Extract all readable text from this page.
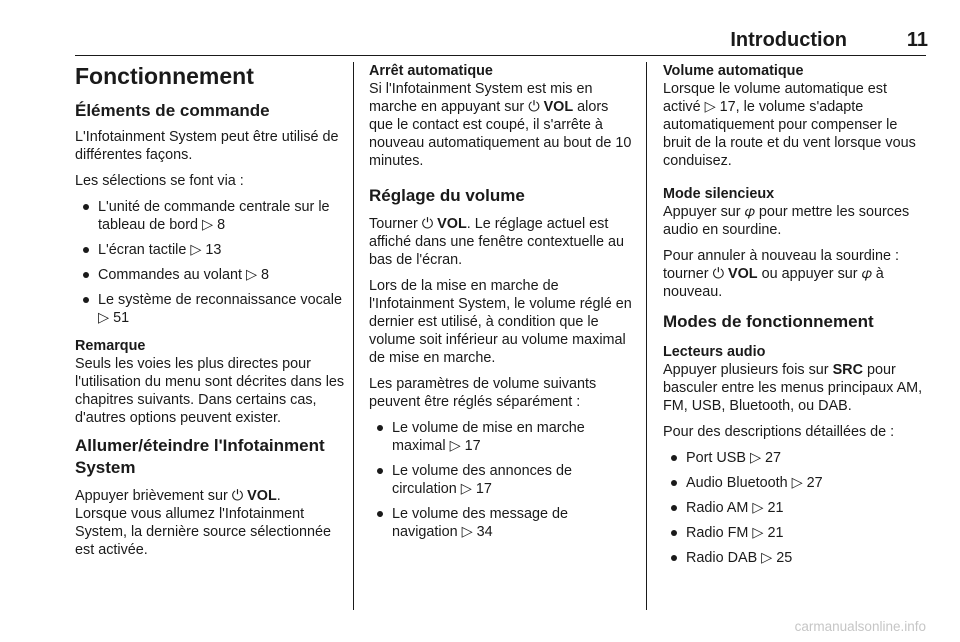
Introduction	11
Fonctionnement
Éléments de commande

L'Infotainment System peut être utilisé de différentes façons.

Les sélections se font via :

L'unité de commande centrale sur le tableau de bord ▷ 8
L'écran tactile ▷ 13
Commandes au volant ▷ 8
Le système de reconnaissance vocale ▷ 51
Remarque

Seuls les voies les plus directes pour l'utilisation du menu sont décrites dans les chapitres suivants. Dans certains cas, d'autres options peuvent exister.

Allumer/éteindre l'Infotainment System

Appuyer brièvement sur ⏻ VOL.

Lorsque vous allumez l'Infotainment System, la dernière source sélectionnée est activée.

Arrêt automatique

Si l'Infotainment System est mis en marche en appuyant sur ⏻ VOL alors que le contact est coupé, il s'arrête à nouveau automatiquement au bout de 10 minutes.

Réglage du volume

Tourner ⏻ VOL. Le réglage actuel est affiché dans une fenêtre contextuelle au bas de l'écran.

Lors de la mise en marche de l'Infotainment System, le volume réglé en dernier est utilisé, à condition que le volume soit inférieur au volume maximal de mise en marche.

Les paramètres de volume suivants peuvent être réglés séparément :

Le volume de mise en marche maximal ▷ 17
Le volume des annonces de circulation ▷ 17
Le volume des message de navigation ▷ 34
Volume automatique

Lorsque le volume automatique est activé ▷ 17, le volume s'adapte automatiquement pour compenser le bruit de la route et du vent lorsque vous conduisez.

Mode silencieux

Appuyer sur 𝜑 pour mettre les sources audio en sourdine.

Pour annuler à nouveau la sourdine : tourner ⏻ VOL ou appuyer sur 𝜑 à nouveau.

Modes de fonctionnement
Lecteurs audio

Appuyer plusieurs fois sur SRC pour basculer entre les menus principaux AM, FM, USB, Bluetooth, ou DAB.

Pour des descriptions détaillées de :

Port USB ▷ 27
Audio Bluetooth ▷ 27
Radio AM ▷ 21
Radio FM ▷ 21
Radio DAB ▷ 25
carmanualsonline.info
